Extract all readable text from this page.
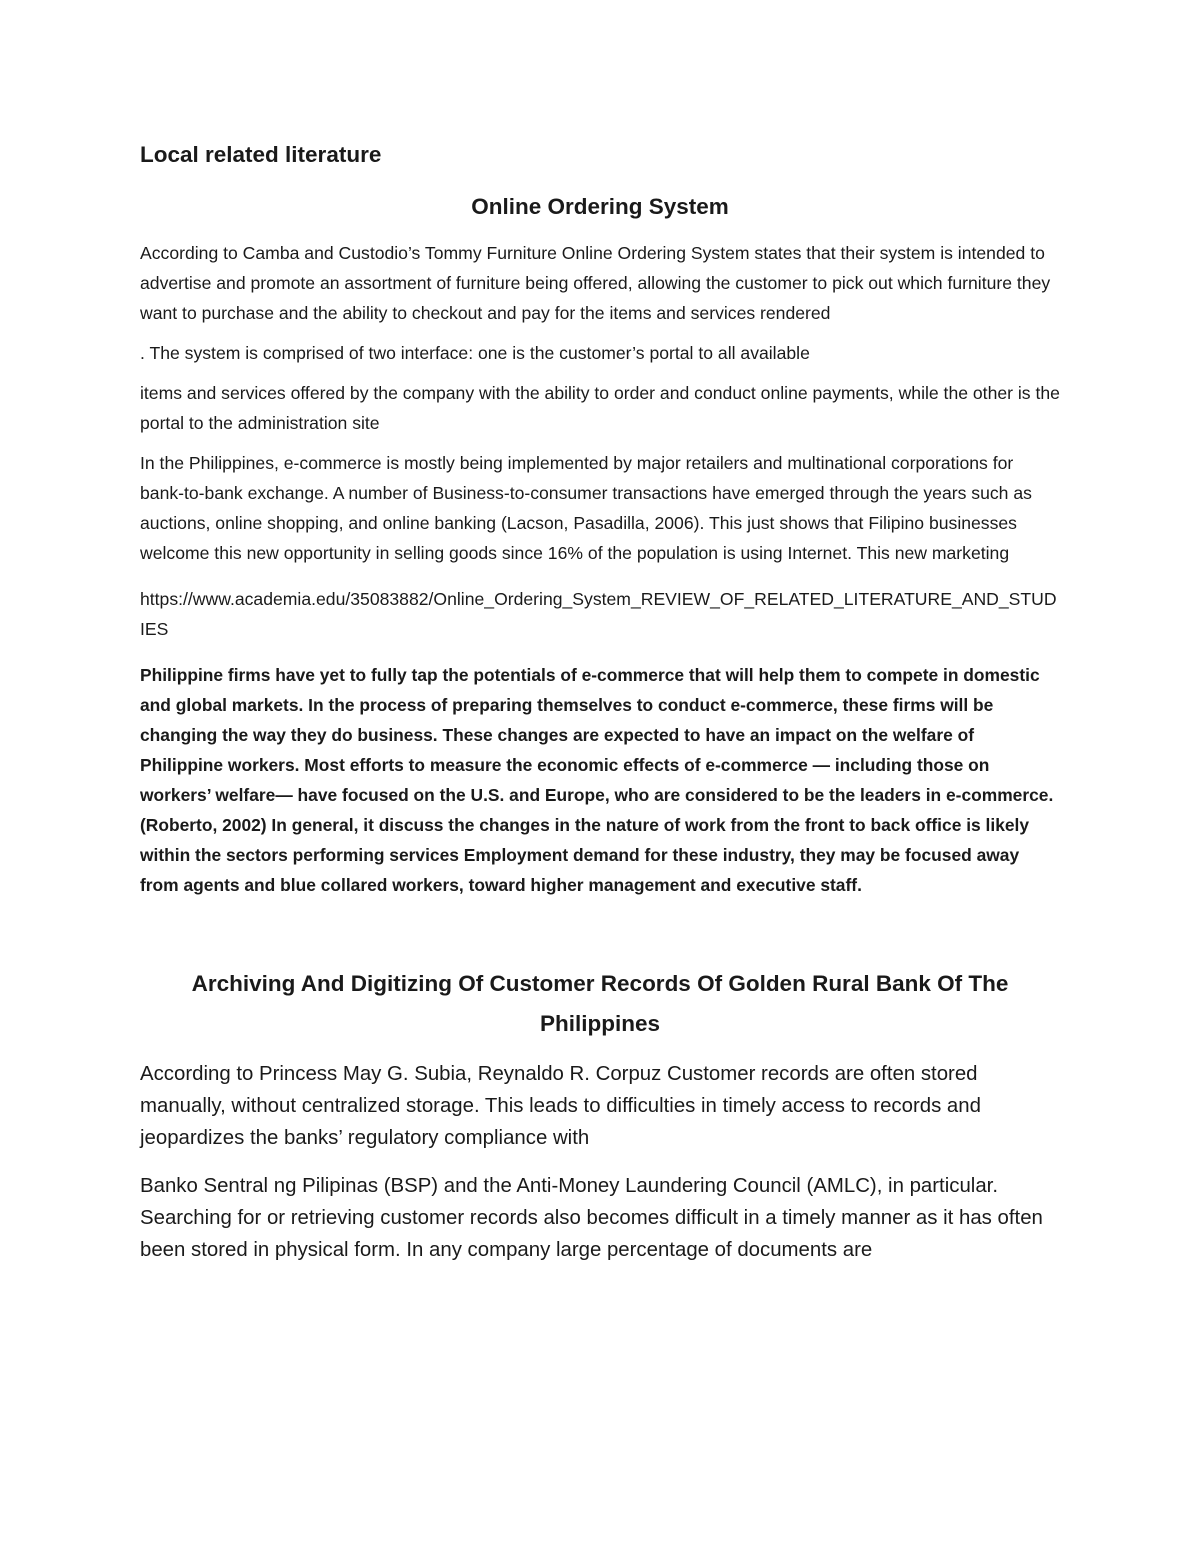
Local related literature
Online Ordering System

According to Camba and Custodio’s Tommy Furniture Online Ordering System states that their system is intended to advertise and promote an assortment of furniture being offered, allowing the customer to pick out which furniture they want to purchase and the ability to checkout and pay for the items and services rendered

. The system is comprised of two interface: one is the customer’s portal to all available

items and services offered by the company with the ability to order and conduct online payments, while the other is the portal to the administration site

In the Philippines, e-commerce is mostly being implemented by major retailers and multinational corporations for bank-to-bank exchange. A number of Business-to-consumer transactions have emerged through the years such as auctions, online shopping, and online banking (Lacson, Pasadilla, 2006). This just shows that Filipino businesses welcome this new opportunity in selling goods since 16% of the population is using Internet. This new marketing

https://www.academia.edu/35083882/Online_Ordering_System_REVIEW_OF_RELATED_LITERATURE_AND_STUDIES

Philippine firms have yet to fully tap the potentials of e-commerce that will help them to compete in domestic and global markets. In the process of preparing themselves to conduct e-commerce, these firms will be changing the way they do business. These changes are expected to have an impact on the welfare of Philippine workers. Most efforts to measure the economic effects of e-commerce — including those on workers’ welfare— have focused on the U.S. and Europe, who are considered to be the leaders in e-commerce. (Roberto, 2002) In general, it discuss the changes in the nature of work from the front to back office is likely within the sectors performing services Employment demand for these industry, they may be focused away from agents and blue collared workers, toward higher management and executive staff.

Archiving And Digitizing Of Customer Records Of Golden Rural Bank Of The Philippines

According to Princess May G. Subia, Reynaldo R. Corpuz Customer records are often stored manually, without centralized storage. This leads to difficulties in timely access to records and jeopardizes the banks’ regulatory compliance with

Banko Sentral ng Pilipinas (BSP) and the Anti-Money Laundering Council (AMLC), in particular. Searching for or retrieving customer records also becomes difficult in a timely manner as it has often been stored in physical form. In any company large percentage of documents are
